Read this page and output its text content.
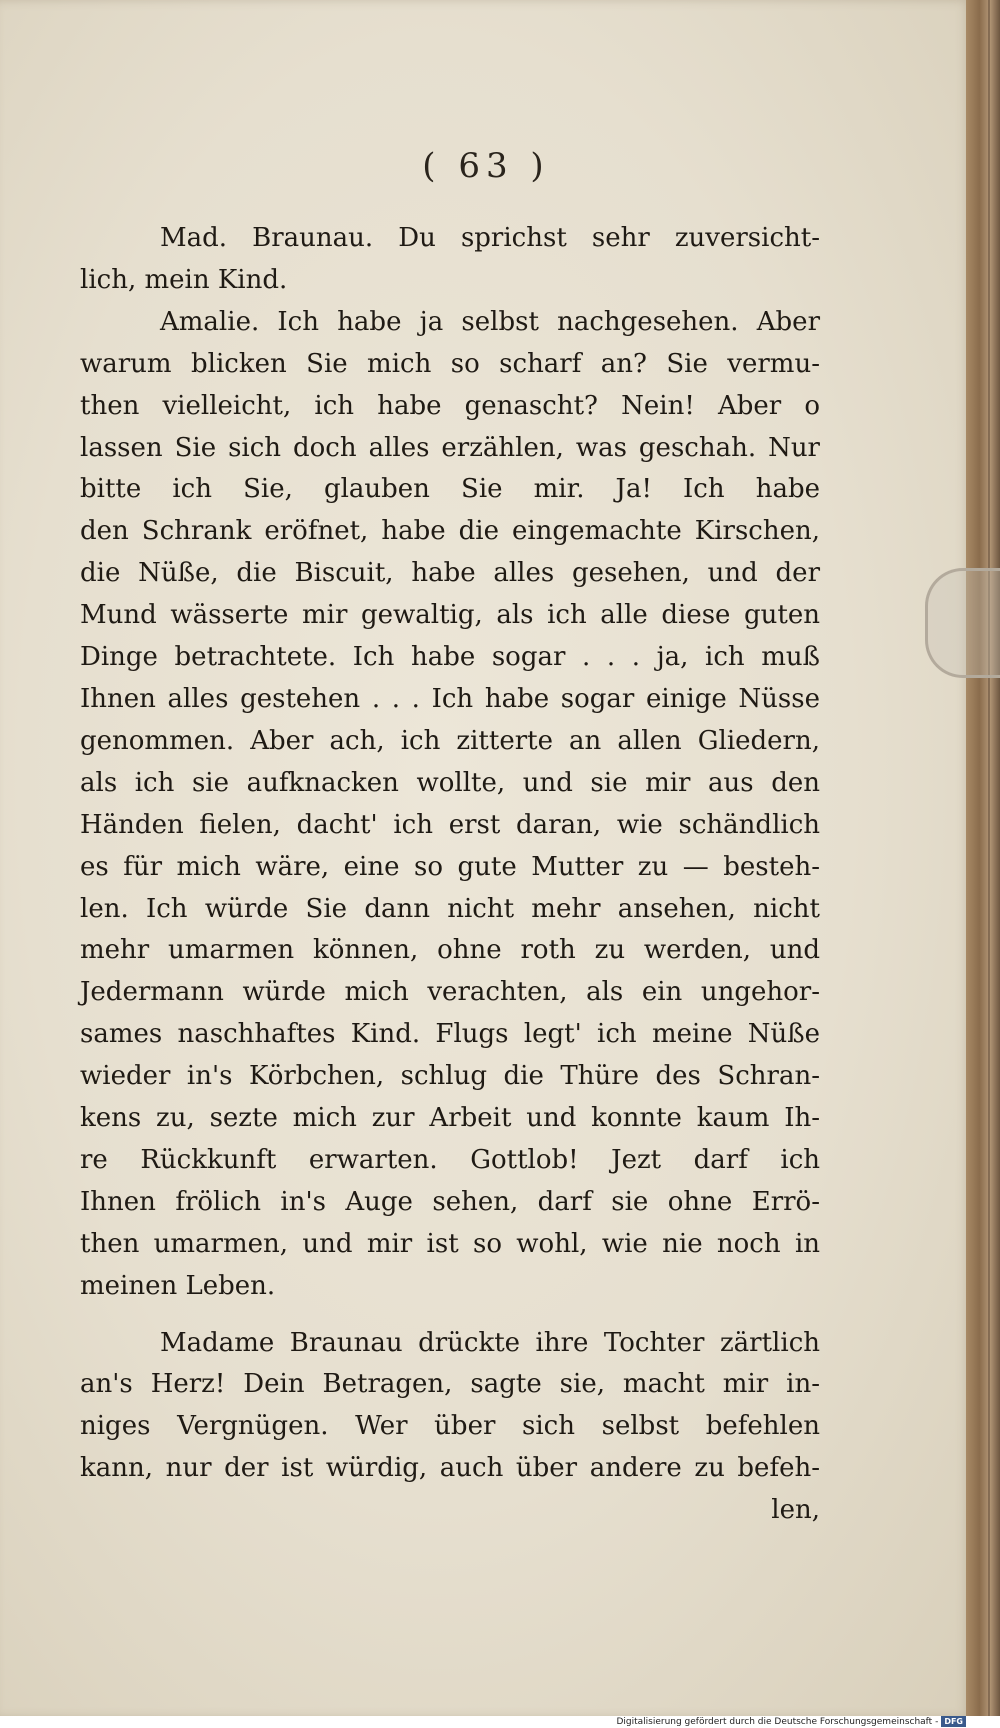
( 63 )

Mad. Braunau. Du sprichst sehr zuversicht-
lich, mein Kind.

Amalie. Ich habe ja selbst nachgesehen. Aber
warum blicken Sie mich so scharf an? Sie vermu-
then vielleicht, ich habe genascht? Nein! Aber o
lassen Sie sich doch alles erzählen, was geschah. Nur
bitte ich Sie, glauben Sie mir. Ja! Ich habe
den Schrank eröfnet, habe die eingemachte Kirschen,
die Nüße, die Biscuit, habe alles gesehen, und der
Mund wässerte mir gewaltig, als ich alle diese guten
Dinge betrachtete. Ich habe sogar . . . ja, ich muß
Ihnen alles gestehen . . . Ich habe sogar einige Nüsse
genommen. Aber ach, ich zitterte an allen Gliedern,
als ich sie aufknacken wollte, und sie mir aus den
Händen fielen, dacht' ich erst daran, wie schändlich
es für mich wäre, eine so gute Mutter zu — besteh-
len. Ich würde Sie dann nicht mehr ansehen, nicht
mehr umarmen können, ohne roth zu werden, und
Jedermann würde mich verachten, als ein ungehor-
sames naschhaftes Kind. Flugs legt' ich meine Nüße
wieder in's Körbchen, schlug die Thüre des Schran-
kens zu, sezte mich zur Arbeit und konnte kaum Ih-
re Rückkunft erwarten. Gottlob! Jezt darf ich
Ihnen frölich in's Auge sehen, darf sie ohne Errö-
then umarmen, und mir ist so wohl, wie nie noch in
meinen Leben.

Madame Braunau drückte ihre Tochter zärtlich
an's Herz! Dein Betragen, sagte sie, macht mir in-
niges Vergnügen. Wer über sich selbst befehlen
kann, nur der ist würdig, auch über andere zu befeh-
len,

Digitalisierung gefördert durch die Deutsche Forschungsgemeinschaft - DFG
